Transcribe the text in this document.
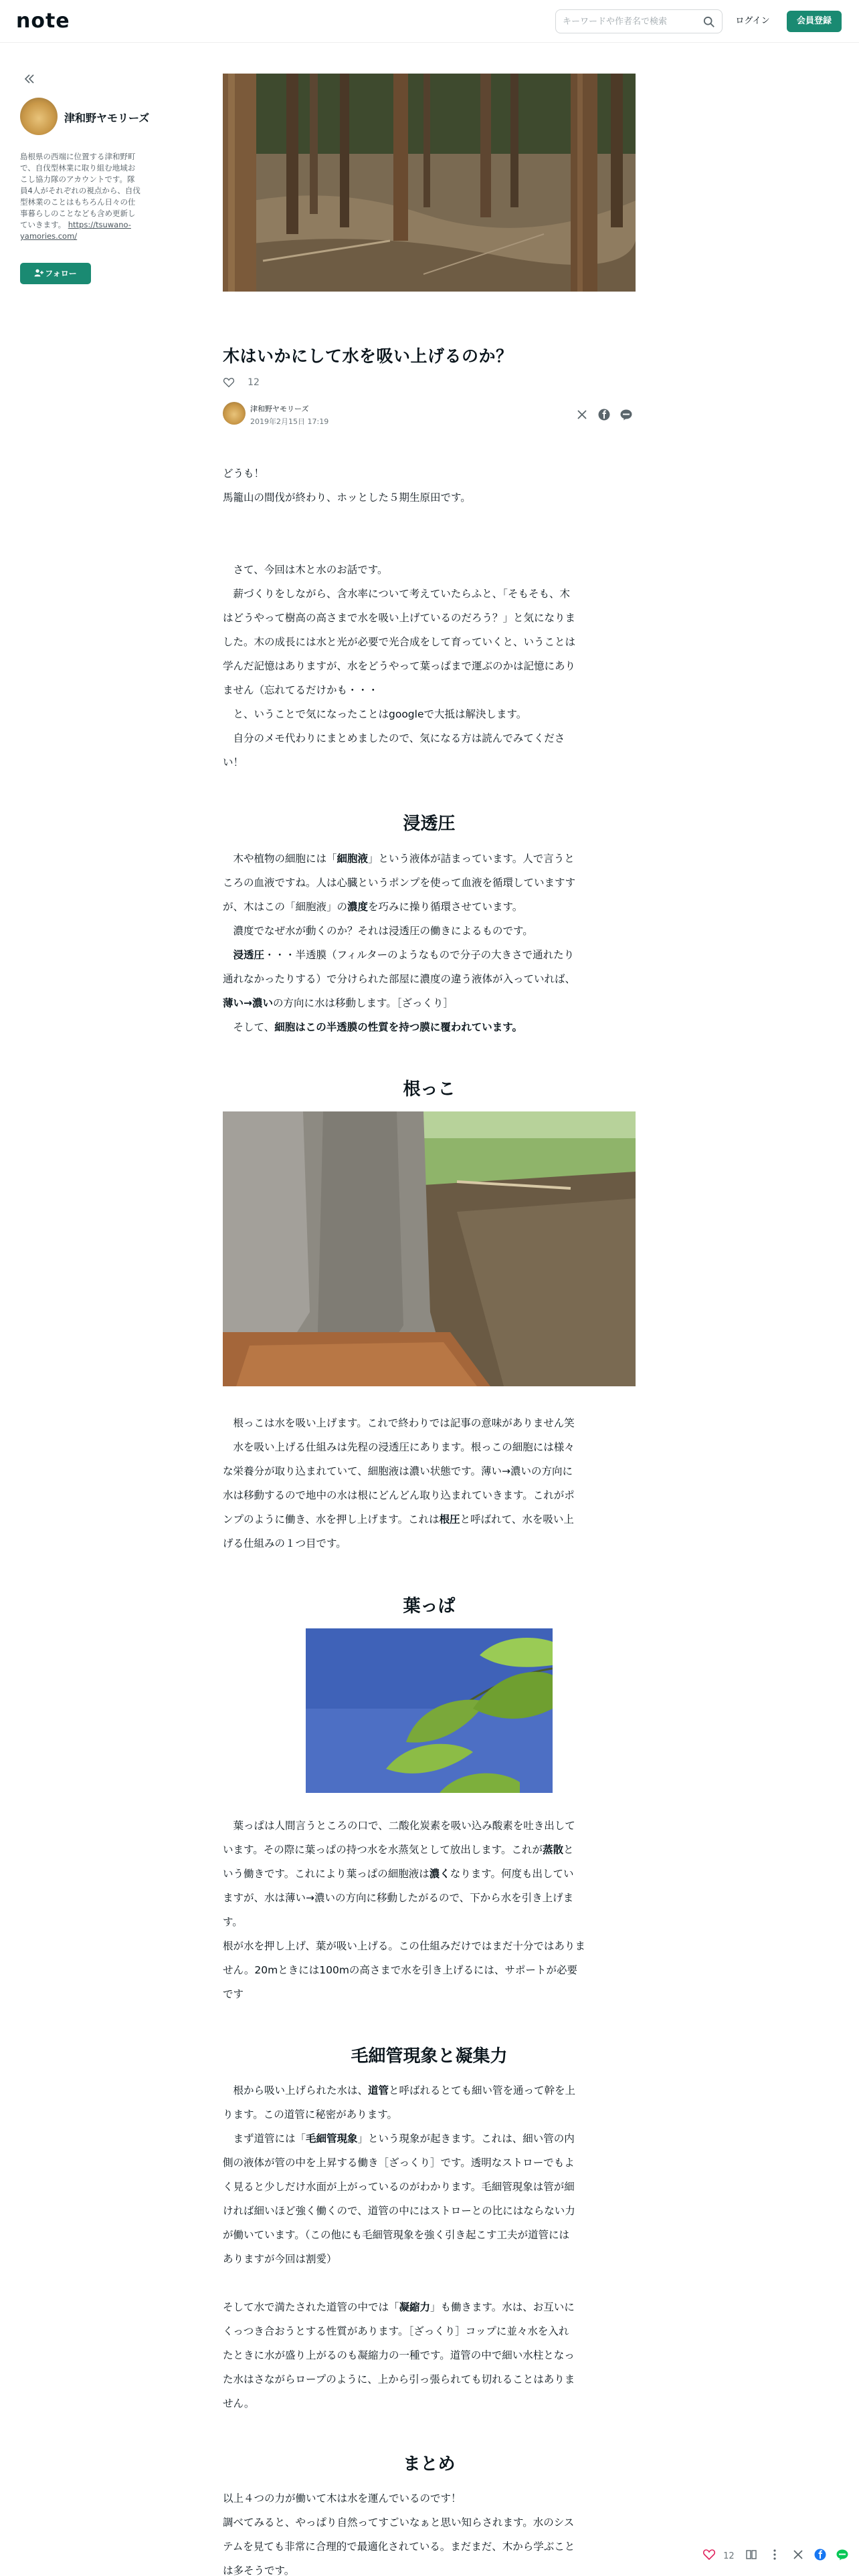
note
キーワードや作者名で検索	ログイン	会員登録
津和野ヤモリーズ
島根県の西端に位置する津和野町
で、自伐型林業に取り組む地域お
こし協力隊のアカウントです。隊
員4人がそれぞれの視点から、自伐
型林業のことはもちろん日々の仕
事暮らしのことなども含め更新し
ていきます。 https://tsuwano-
yamories.com/
フォロー
木はいかにして水を吸い上げるのか？
12
津和野ヤモリーズ
2019年2月15日 17:19

どうも！
馬籠山の間伐が終わり、ホッとした５期生原田です。
　さて、今回は木と水のお話です。
　薪づくりをしながら、含水率について考えていたらふと、「そもそも、木
はどうやって樹高の高さまで水を吸い上げているのだろう？」と気になりま
した。木の成長には水と光が必要で光合成をして育っていくと、いうことは
学んだ記憶はありますが、水をどうやって葉っぱまで運ぶのかは記憶にあり
ません（忘れてるだけかも・・・
　と、いうことで気になったことはgoogleで大抵は解決します。
　自分のメモ代わりにまとめましたので、気になる方は読んでみてくださ
い！
浸透圧
　木や植物の細胞には「細胞液」という液体が詰まっています。人で言うと
ころの血液ですね。人は心臓というポンプを使って血液を循環していますす
が、木はこの「細胞液」の濃度を巧みに操り循環させています。
　濃度でなぜ水が動くのか？それは浸透圧の働きによるものです。
　浸透圧・・・半透膜（フィルターのようなもので分子の大きさで通れたり
通れなかったりする）で分けられた部屋に濃度の違う液体が入っていれば、
薄い→濃いの方向に水は移動します。［ざっくり］
　そして、細胞はこの半透膜の性質を持つ膜に覆われています。
根っこ
　根っこは水を吸い上げます。これで終わりでは記事の意味がありません笑
　水を吸い上げる仕組みは先程の浸透圧にあります。根っこの細胞には様々
な栄養分が取り込まれていて、細胞液は濃い状態です。薄い→濃いの方向に
水は移動するので地中の水は根にどんどん取り込まれていきます。これがポ
ンプのように働き、水を押し上げます。これは根圧と呼ばれて、水を吸い上
げる仕組みの１つ目です。
葉っぱ
　葉っぱは人間言うところの口で、二酸化炭素を吸い込み酸素を吐き出して
います。その際に葉っぱの持つ水を水蒸気として放出します。これが蒸散と
いう働きです。これにより葉っぱの細胞液は濃くなります。何度も出してい
ますが、水は薄い→濃いの方向に移動したがるので、下から水を引き上げま
す。
根が水を押し上げ、葉が吸い上げる。この仕組みだけではまだ十分ではありま
せん。20mときには100mの高さまで水を引き上げるには、サポートが必要
です
毛細管現象と凝集力
　根から吸い上げられた水は、道管と呼ばれるとても細い管を通って幹を上
ります。この道管に秘密があります。
　まず道管には「毛細管現象」という現象が起きます。これは、細い管の内
側の液体が管の中を上昇する働き［ざっくり］です。透明なストローでもよ
く見ると少しだけ水面が上がっているのがわかります。毛細管現象は管が細
ければ細いほど強く働くので、道管の中にはストローとの比にはならない力
が働いています。（この他にも毛細管現象を強く引き起こす工夫が道管には
ありますが今回は割愛）
そして水で満たされた道管の中では「凝縮力」も働きます。水は、お互いに
くっつき合おうとする性質があります。［ざっくり］コップに並々水を入れ
たときに水が盛り上がるのも凝縮力の一種です。道管の中で細い水柱となっ
た水はさながらロープのように、上から引っ張られても切れることはありま
せん。
まとめ
以上４つの力が働いて木は水を運んでいるのです！
調べてみると、やっぱり自然ってすごいなぁと思い知らされます。水のシス
テムを見ても非常に合理的で最適化されている。まだまだ、木から学ぶこと
は多そうです。
12
